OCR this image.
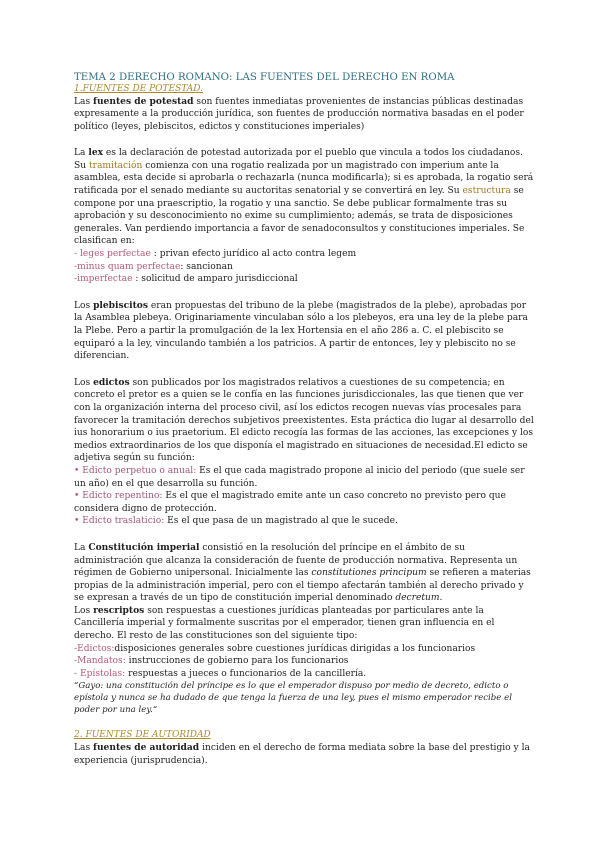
TEMA 2 DERECHO ROMANO: LAS FUENTES DEL DERECHO EN ROMA

1.FUENTES DE POTESTAD.

Las fuentes de potestad son fuentes inmediatas provenientes de instancias públicas destinadas expresamente a la producción jurídica, son fuentes de producción normativa basadas en el poder político (leyes, plebiscitos, edictos y constituciones imperiales)

La lex es la declaración de potestad autorizada por el pueblo que vincula a todos los ciudadanos. Su tramitación comienza con una rogatio realizada por un magistrado con imperium ante la asamblea, esta decide si aprobarla o rechazarla (nunca modificarla); si es aprobada, la rogatio será ratificada por el senado mediante su auctoritas senatorial y se convertirá en ley. Su estructura se compone por una praescriptio, la rogatio y una sanctio. Se debe publicar formalmente tras su aprobación y su desconocimiento no exime su cumplimiento; además, se trata de disposiciones generales. Van perdiendo importancia a favor de senadoconsultos y constituciones imperiales. Se clasifican en:

- leges perfectae : privan efecto jurídico al acto contra legem
-minus quam perfectae: sancionan
-imperfectae : solicitud de amparo jurisdiccional

Los plebiscitos eran propuestas del tribuno de la plebe (magistrados de la plebe), aprobadas por la Asamblea plebeya. Originariamente vinculaban sólo a los plebeyos, era una ley de la plebe para la Plebe. Pero a partir la promulgación de la lex Hortensia en el año 286 a. C. el plebiscito se equiparó a la ley, vinculando también a los patricios. A partir de entonces, ley y plebiscito no se diferencian.

Los edictos son publicados por los magistrados relativos a cuestiones de su competencia; en concreto el pretor es a quien se le confía en las funciones jurisdiccionales, las que tienen que ver con la organización interna del proceso civil, así los edictos recogen nuevas vías procesales para favorecer la tramitación derechos subjetivos preexistentes. Esta práctica dio lugar al desarrollo del ius honorarium o ius praetorium. El edicto recogía las formas de las acciones, las excepciones y los medios extraordinarios de los que disponía el magistrado en situaciones de necesidad.El edicto se adjetiva según su función:

• Edicto perpetuo o anual: Es el que cada magistrado propone al inicio del periodo (que suele ser un año) en el que desarrolla su función.
• Edicto repentino: Es el que el magistrado emite ante un caso concreto no previsto pero que considera digno de protección.
• Edicto traslaticio: Es el que pasa de un magistrado al que le sucede.

La Constitución imperial consistió en la resolución del príncipe en el ámbito de su administración que alcanza la consideración de fuente de producción normativa. Representa un régimen de Gobierno unipersonal. Inicialmente las constitutiones principum se refieren a materias propias de la administración imperial, pero con el tiempo afectarán también al derecho privado y se expresan a través de un tipo de constitución imperial denominado decretum.

Los rescriptos son respuestas a cuestiones jurídicas planteadas por particulares ante la Cancillería imperial y formalmente suscritas por el emperador, tienen gran influencia en el derecho. El resto de las constituciones son del siguiente tipo:

-Edictos:disposiciones generales sobre cuestiones jurídicas dirigidas a los funcionarios
-Mandatos: instrucciones de gobierno para los funcionarios
- Epístolas: respuestas a jueces o funcionarios de la cancillería.

“Gayo: una constitución del príncipe es lo que el emperador dispuso por medio de decreto, edicto o epístola y nunca se ha dudado de que tenga la fuerza de una ley, pues el mismo emperador recibe el poder por una ley.“

2. FUENTES DE AUTORIDAD

Las fuentes de autoridad inciden en el derecho de forma mediata sobre la base del prestigio y la experiencia (jurisprudencia).
